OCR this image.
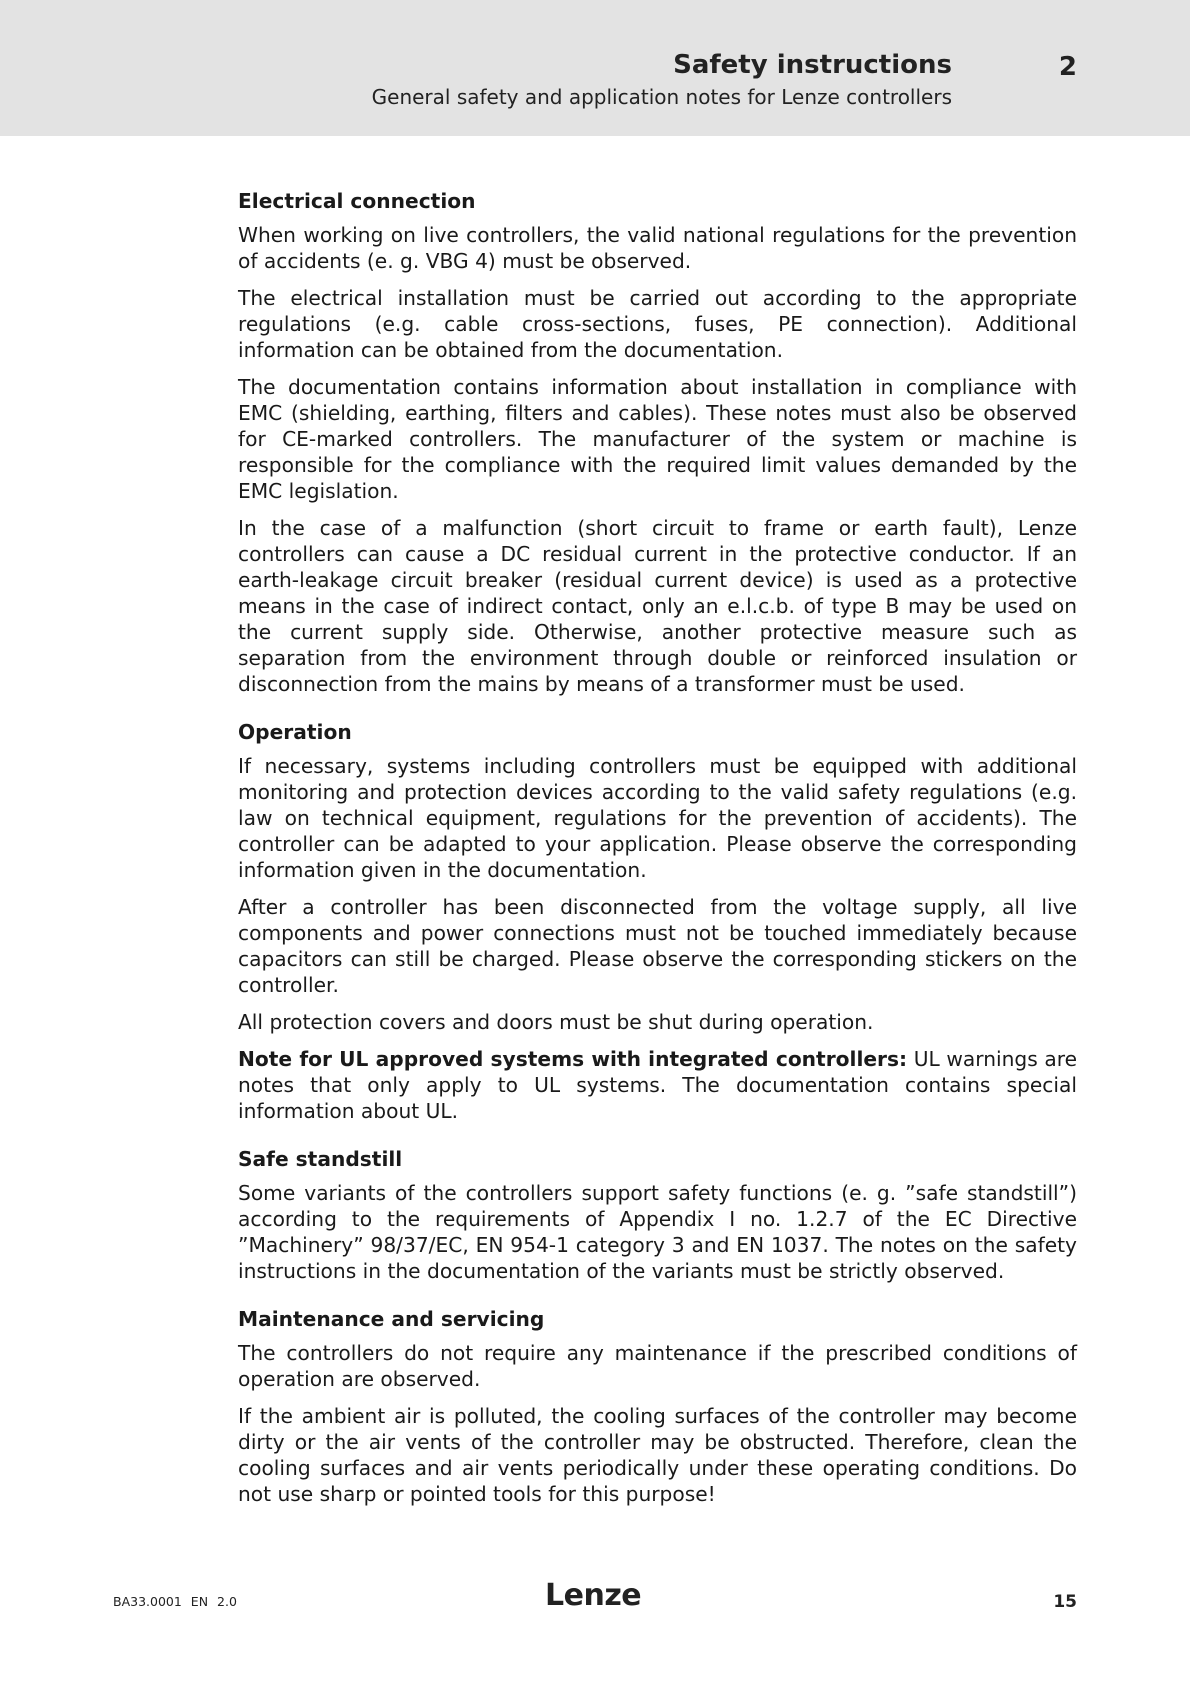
Safety instructions
General safety and application notes for Lenze controllers
2
Electrical connection

When working on live controllers, the valid national regulations for the prevention of accidents (e. g. VBG 4) must be observed.

The electrical installation must be carried out according to the appropriate regulations (e.g. cable cross-sections, fuses, PE connection). Additional information can be obtained from the documentation.

The documentation contains information about installation in compliance with EMC (shielding, earthing, filters and cables). These notes must also be observed for CE-marked controllers. The manufacturer of the system or machine is responsible for the compliance with the required limit values demanded by the EMC legislation.

In the case of a malfunction (short circuit to frame or earth fault), Lenze controllers can cause a DC residual current in the protective conductor. If an earth-leakage circuit breaker (residual current device) is used as a protective means in the case of indirect contact, only an e.l.c.b. of type B may be used on the current supply side. Otherwise, another protective measure such as separation from the environment through double or reinforced insulation or disconnection from the mains by means of a transformer must be used.

Operation

If necessary, systems including controllers must be equipped with additional monitoring and protection devices according to the valid safety regulations (e.g. law on technical equipment, regulations for the prevention of accidents). The controller can be adapted to your application. Please observe the corresponding information given in the documentation.

After a controller has been disconnected from the voltage supply, all live components and power connections must not be touched immediately because capacitors can still be charged. Please observe the corresponding stickers on the controller.

All protection covers and doors must be shut during operation.

Note for UL approved systems with integrated controllers: UL warnings are notes that only apply to UL systems. The documentation contains special information about UL.

Safe standstill

Some variants of the controllers support safety functions (e. g. ”safe standstill”) according to the requirements of Appendix I no. 1.2.7 of the EC Directive ”Machinery” 98/37/EC, EN 954-1 category 3 and EN 1037. The notes on the safety instructions in the documentation of the variants must be strictly observed.

Maintenance and servicing

The controllers do not require any maintenance if the prescribed conditions of operation are observed.

If the ambient air is polluted, the cooling surfaces of the controller may become dirty or the air vents of the controller may be obstructed. Therefore, clean the cooling surfaces and air vents periodically under these operating conditions. Do not use sharp or pointed tools for this purpose!

BA33.0001 EN 2.0	Lenze	15
